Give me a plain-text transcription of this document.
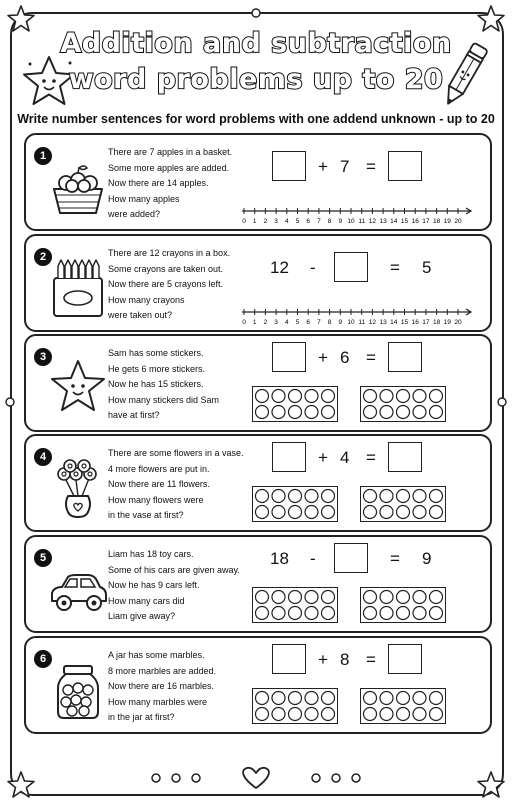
Addition and subtraction
word problems up to 20
Write number sentences for word problems with one addend unknown - up to 20
1	There are 7 apples in a basket.
Some more apples are added.
Now there are 14 apples.
How many apples
were added?
+ 7 =
0 1 2 3 4 5 6 7 8 9 10 11 12 13 14 15 16 17 18 19 20
2	There are 12 crayons in a box.
Some crayons are taken out.
Now there are 5 crayons left.
How many crayons
were taken out?
12 -	= 5
0 1 2 3 4 5 6 7 8 9 10 11 12 13 14 15 16 17 18 19 20
3	Sam has some stickers.
He gets 6 more stickers.
Now he has 15 stickers.
How many stickers did Sam
have at first?
+ 6 =
4	There are some flowers in a vase.
4 more flowers are put in.
Now there are 11 flowers.
How many flowers were
in the vase at first?
+ 4 =
5	Liam has 18 toy cars.
Some of his cars are given away.
Now he has 9 cars left.
How many cars did
Liam give away?
18 -	= 9
6	A jar has some marbles.
8 more marbles are added.
Now there are 16 marbles.
How many marbles were
in the jar at first?
+ 8 =
